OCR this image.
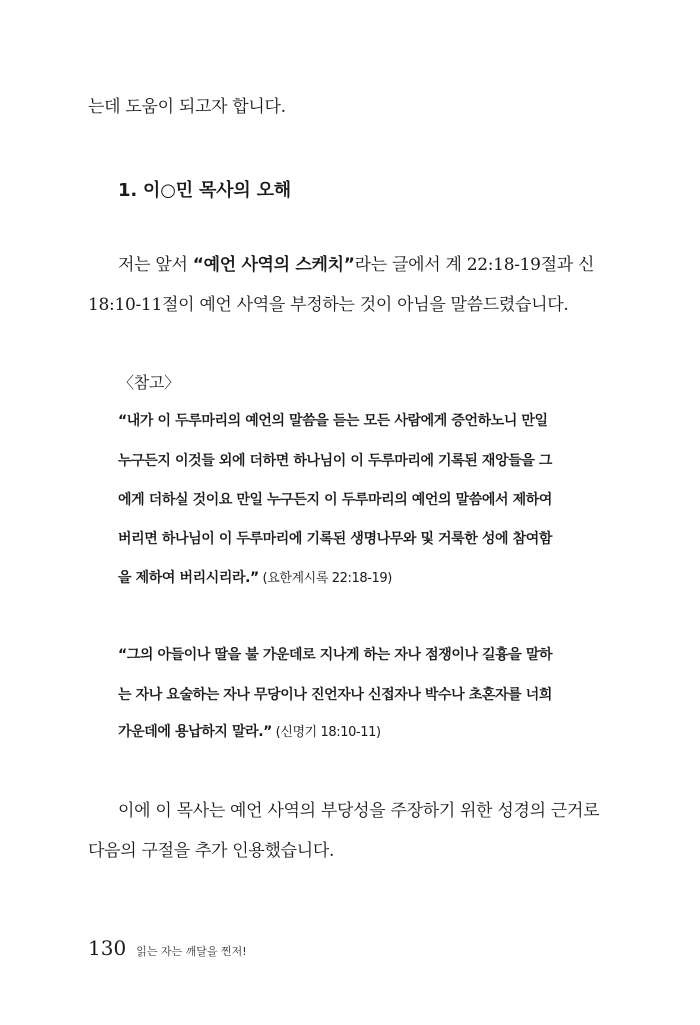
는데 도움이 되고자 합니다.
1. 이○민 목사의 오해
저는 앞서 “예언 사역의 스케치”라는 글에서 계 22:18-19절과 신
18:10-11절이 예언 사역을 부정하는 것이 아님을 말씀드렸습니다.
〈참고〉
“내가 이 두루마리의 예언의 말씀을 듣는 모든 사람에게 증언하노니 만일
누구든지 이것들 외에 더하면 하나님이 이 두루마리에 기록된 재앙들을 그
에게 더하실 것이요 만일 누구든지 이 두루마리의 예언의 말씀에서 제하여
버리면 하나님이 이 두루마리에 기록된 생명나무와 및 거룩한 성에 참여함
을 제하여 버리시리라.” (요한계시록 22:18-19)
“그의 아들이나 딸을 불 가운데로 지나게 하는 자나 점쟁이나 길흉을 말하
는 자나 요술하는 자나 무당이나 진언자나 신접자나 박수나 초혼자를 너희
가운데에 용납하지 말라.” (신명기 18:10-11)
이에 이 목사는 예언 사역의 부당성을 주장하기 위한 성경의 근거로
다음의 구절을 추가 인용했습니다.
130 읽는 자는 깨달을 찐저!
